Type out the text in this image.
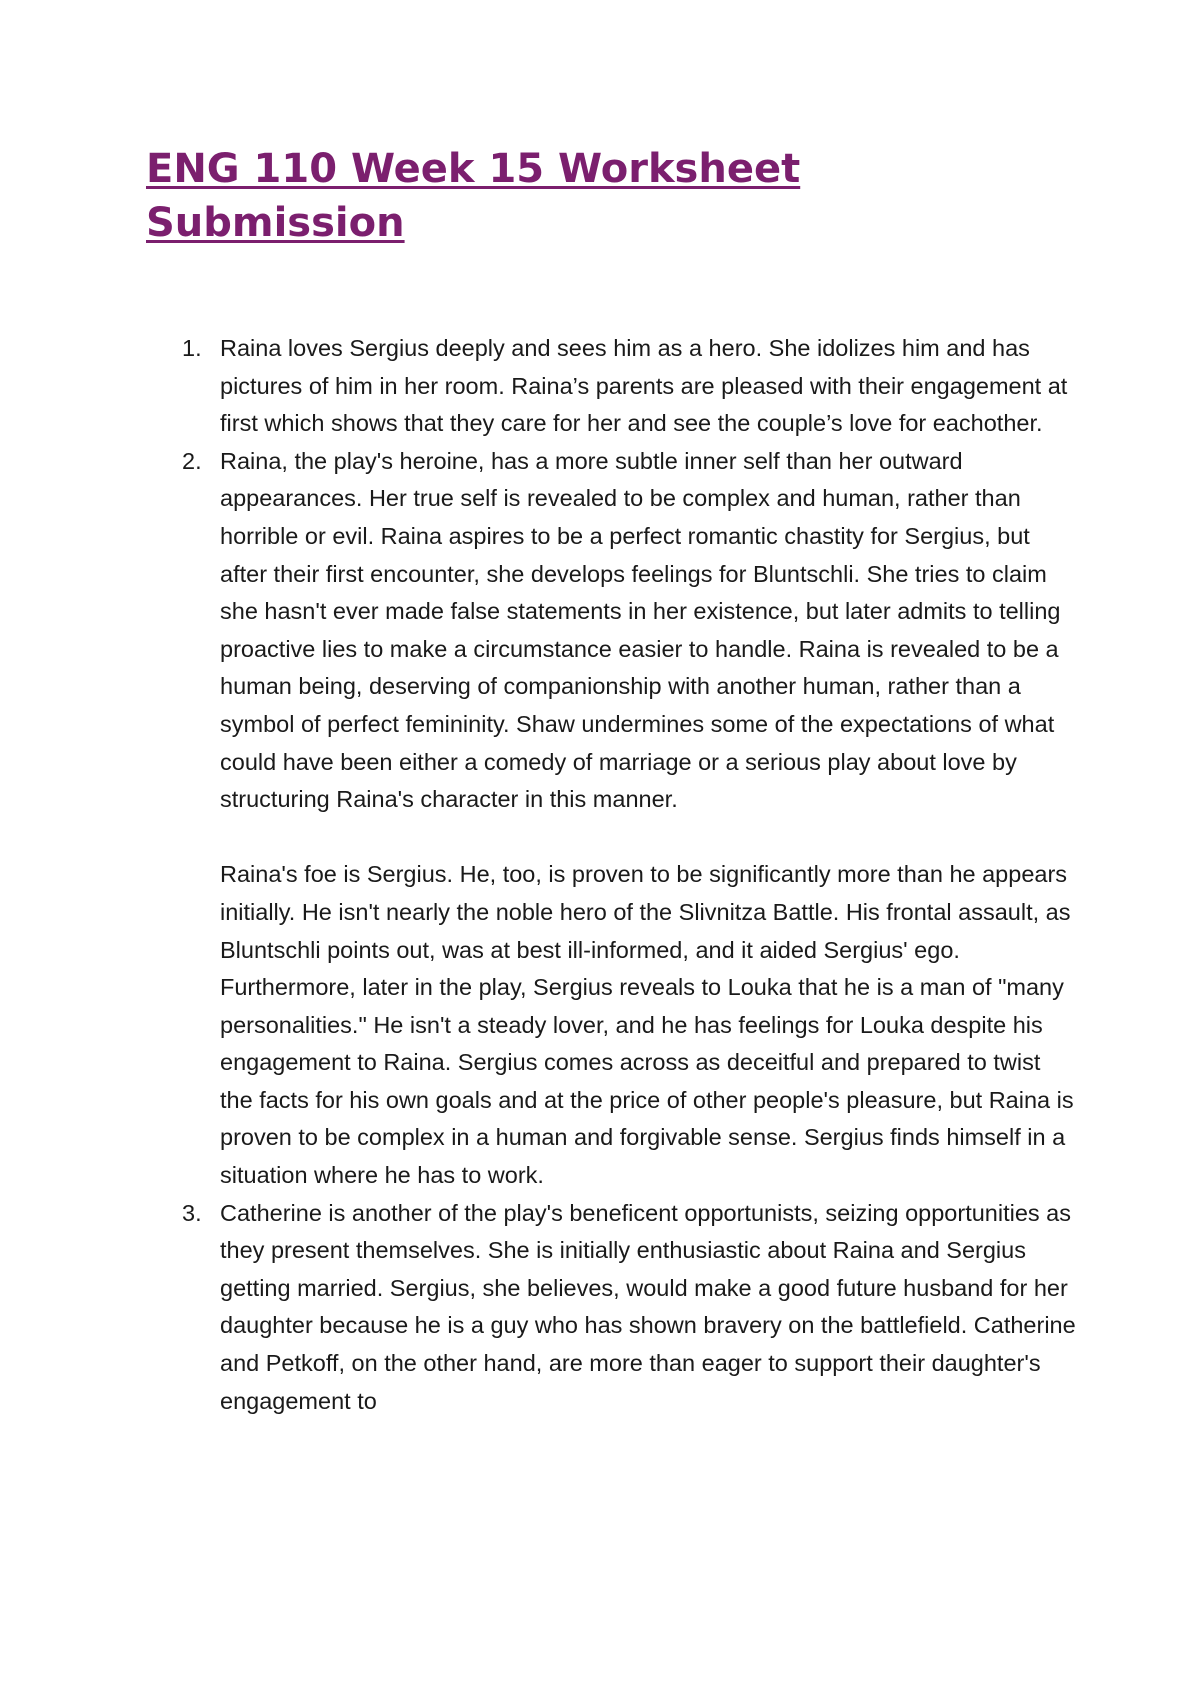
ENG 110 Week 15 Worksheet Submission
1. Raina loves Sergius deeply and sees him as a hero. She idolizes him and has pictures of him in her room. Raina’s parents are pleased with their engagement at first which shows that they care for her and see the couple’s love for eachother.

2. Raina, the play's heroine, has a more subtle inner self than her outward appearances. Her true self is revealed to be complex and human, rather than horrible or evil. Raina aspires to be a perfect romantic chastity for Sergius, but after their first encounter, she develops feelings for Bluntschli. She tries to claim she hasn't ever made false statements in her existence, but later admits to telling proactive lies to make a circumstance easier to handle. Raina is revealed to be a human being, deserving of companionship with another human, rather than a symbol of perfect femininity. Shaw undermines some of the expectations of what could have been either a comedy of marriage or a serious play about love by structuring Raina's character in this manner.

Raina's foe is Sergius. He, too, is proven to be significantly more than he appears initially. He isn't nearly the noble hero of the Slivnitza Battle. His frontal assault, as Bluntschli points out, was at best ill-informed, and it aided Sergius' ego. Furthermore, later in the play, Sergius reveals to Louka that he is a man of "many personalities." He isn't a steady lover, and he has feelings for Louka despite his engagement to Raina. Sergius comes across as deceitful and prepared to twist the facts for his own goals and at the price of other people's pleasure, but Raina is proven to be complex in a human and forgivable sense. Sergius finds himself in a situation where he has to work.

3. Catherine is another of the play's beneficent opportunists, seizing opportunities as they present themselves. She is initially enthusiastic about Raina and Sergius getting married. Sergius, she believes, would make a good future husband for her daughter because he is a guy who has shown bravery on the battlefield. Catherine and Petkoff, on the other hand, are more than eager to support their daughter's engagement to
